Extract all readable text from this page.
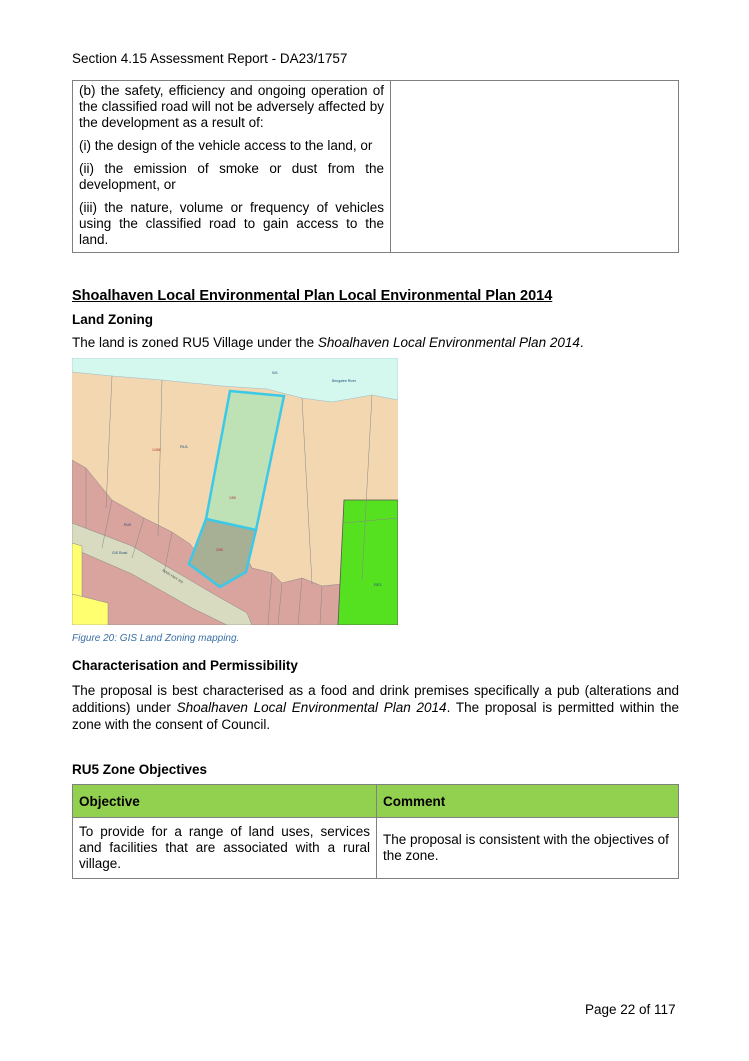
Section 4.15 Assessment Report - DA23/1757

(b) the safety, efficiency and ongoing operation of the classified road will not be adversely affected by the development as a result of:

(i) the design of the vehicle access to the land, or

(ii) the emission of smoke or dust from the development, or

(iii) the nature, volume or frequency of vehicles using the classified road to gain access to the land.

Shoalhaven Local Environmental Plan Local Environmental Plan 2014
Land Zoning
The land is zoned RU5 Village under the Shoalhaven Local Environmental Plan 2014.
W1
Bengalee River
RU1
1/456
1/55
2/55
RE1
MAIN HWY RD
GIS Road
RU5
Figure 20: GIS Land Zoning mapping.
Characterisation and Permissibility
The proposal is best characterised as a food and drink premises specifically a pub (alterations and additions) under Shoalhaven Local Environmental Plan 2014. The proposal is permitted within the zone with the consent of Council.
RU5 Zone Objectives
Objective	Comment
To provide for a range of land uses, services and facilities that are associated with a rural village.	The proposal is consistent with the objectives of the zone.
Page 22 of 117
